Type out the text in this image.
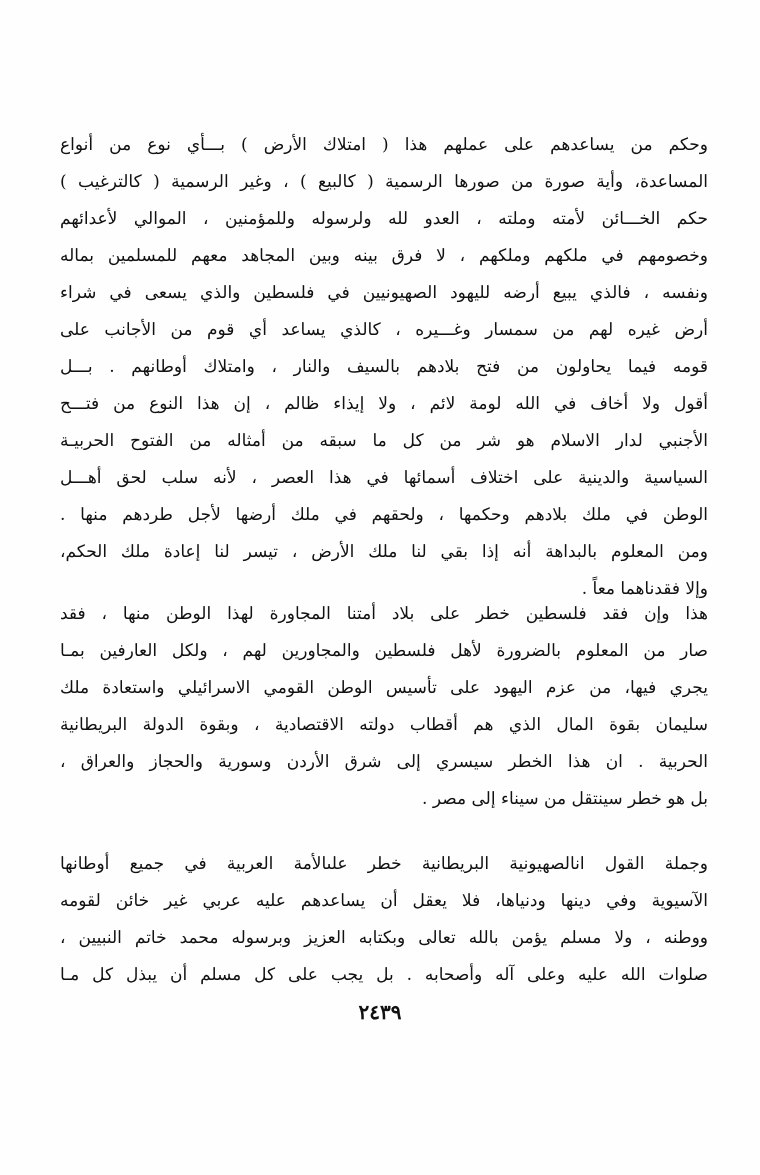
وحكم من يساعدهم على عملهم هذا ( امتلاك الأرض ) بـــأي نوع من أنواع
المساعدة، وأية صورة من صورها الرسمية ( كالبيع ) ، وغير الرسمية ( كالترغيب )
حكم الخـــائن لأمته وملته ، العدو لله ولرسوله وللمؤمنين ، الموالي لأعدائهم
وخصومهم في ملكهم وملكهم ، لا فرق بينه وبين المجاهد معهم للمسلمين بماله
ونفسه ، فالذي يبيع أرضه لليهود الصهيونيين في فلسطين والذي يسعى في شراء
أرض غيره لهم من سمسار وغـــيره ، كالذي يساعد أي قوم من الأجانب على
قومه فيما يحاولون من فتح بلادهم بالسيف والنار ، وامتلاك أوطانهم . بـــل
أقول ولا أخاف في الله لومة لائم ، ولا إيذاء ظالم ، إن هذا النوع من فتـــح
الأجنبي لدار الاسلام هو شر من كل ما سبقه من أمثاله من الفتوح الحربيـة
السياسية والدينية على اختلاف أسمائها في هذا العصر ، لأنه سلب لحق أهـــل
الوطن في ملك بلادهم وحكمها ، ولحقهم في ملك أرضها لأجل طردهم منها .
ومن المعلوم بالبداهة أنه إذا بقي لنا ملك الأرض ، تيسر لنا إعادة ملك الحكم،
وإلا فقدناهما معاً .
هذا وإن فقد فلسطين خطر على بلاد أمتنا المجاورة لهذا الوطن منها ، فقد
صار من المعلوم بالضرورة لأهل فلسطين والمجاورين لهم ، ولكل العارفين بمـا
يجري فيها، من عزم اليهود على تأسيس الوطن القومي الاسرائيلي واستعادة ملك
سليمان بقوة المال الذي هم أقطاب دولته الاقتصادية ، وبقوة الدولة البريطانية
الحربية . ان هذا الخطر سيسري إلى شرق الأردن وسورية والحجاز والعراق ،
بل هو خطر سينتقل من سيناء إلى مصر .
وجملة القول انالصهيونية البريطانية خطر علىالأمة العربية في جميع أوطانها
الآسيوية وفي دينها ودنياها، فلا يعقل أن يساعدهم عليه عربي غير خائن لقومه
ووطنه ، ولا مسلم يؤمن بالله تعالى وبكتابه العزيز وبرسوله محمد خاتم النبيين ،
صلوات الله عليه وعلى آله وأصحابه . بل يجب على كل مسلم أن يبذل كل مـا
٢٤٣٩
